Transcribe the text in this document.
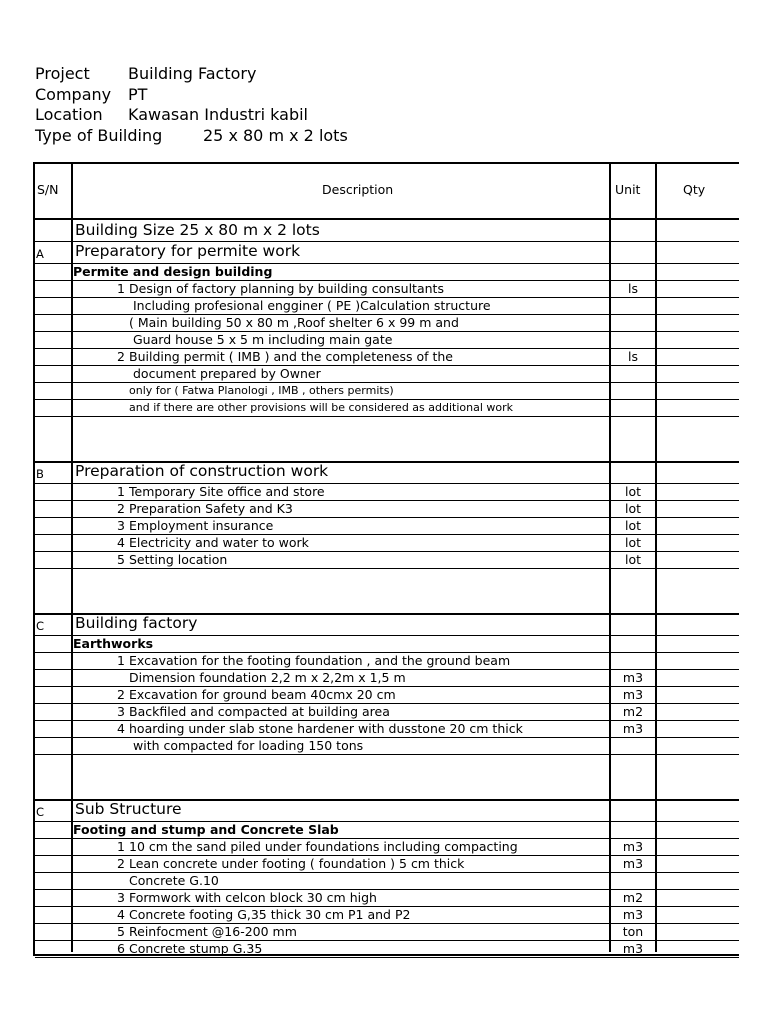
Project Building Factory
Company PT
Location Kawasan Industri kabil
Type of Building	25 x 80 m x 2 lots
S/N	Description	Unit	Qty
Building Size 25 x 80 m x 2 lots
A Preparatory for permite work
Permite and design building
1 Design of factory planning by building consultants	ls
Including profesional engginer ( PE )Calculation structure
( Main building 50 x 80 m ,Roof shelter 6 x 99 m and
Guard house 5 x 5 m including main gate
2 Building permit ( IMB ) and the completeness of the	ls
document prepared by Owner
only for ( Fatwa Planologi , IMB , others permits)
and if there are other provisions will be considered as additional work
B Preparation of construction work
1 Temporary Site office and store	lot
2 Preparation Safety and K3	lot
3 Employment insurance	lot
4 Electricity and water to work	lot
5 Setting location	lot
C Building factory
Earthworks
1 Excavation for the footing foundation , and the ground beam
Dimension foundation 2,2 m x 2,2m x 1,5 m	m3
2 Excavation for ground beam 40cmx 20 cm	m3
3 Backfiled and compacted at building area	m2
4 hoarding under slab stone hardener with dusstone 20 cm thick	m3
with compacted for loading 150 tons
C Sub Structure
Footing and stump and Concrete Slab
1 10 cm the sand piled under foundations including compacting	m3
2 Lean concrete under footing ( foundation ) 5 cm thick	m3
Concrete G.10
3 Formwork with celcon block 30 cm high	m2
4 Concrete footing G,35 thick 30 cm P1 and P2	m3
5 Reinfocment @16-200 mm	ton
6 Concrete stump G.35	m3
